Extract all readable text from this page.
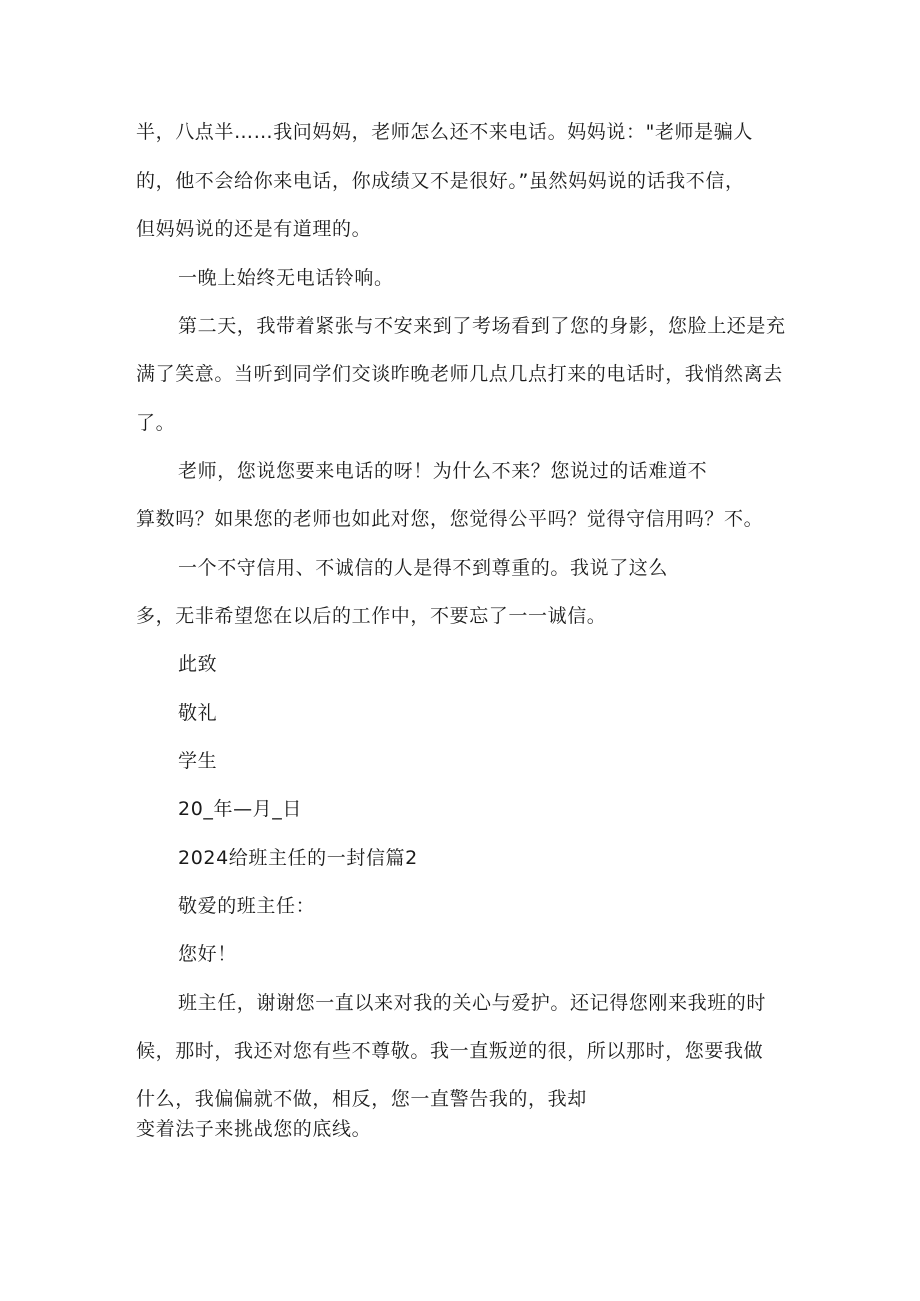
半，八点半……我问妈妈，老师怎么还不来电话。妈妈说："老师是骗人
的，他不会给你来电话，你成绩又不是很好。”虽然妈妈说的话我不信，
但妈妈说的还是有道理的。
一晚上始终无电话铃响。
第二天，我带着紧张与不安来到了考场看到了您的身影，您脸上还是充
满了笑意。当听到同学们交谈昨晚老师几点几点打来的电话时，我悄然离去
了。
老师，您说您要来电话的呀！为什么不来？您说过的话难道不
算数吗？如果您的老师也如此对您，您觉得公平吗？觉得守信用吗？不。
一个不守信用、不诚信的人是得不到尊重的。我说了这么
多，无非希望您在以后的工作中，不要忘了一一诚信。
此致
敬礼
学生
20_年—月_日
2024给班主任的一封信篇2
敬爱的班主任：
您好！
班主任，谢谢您一直以来对我的关心与爱护。还记得您刚来我班的时
候，那时，我还对您有些不尊敬。我一直叛逆的很，所以那时，您要我做
什么，我偏偏就不做，相反，您一直警告我的，我却
变着法子来挑战您的底线。
